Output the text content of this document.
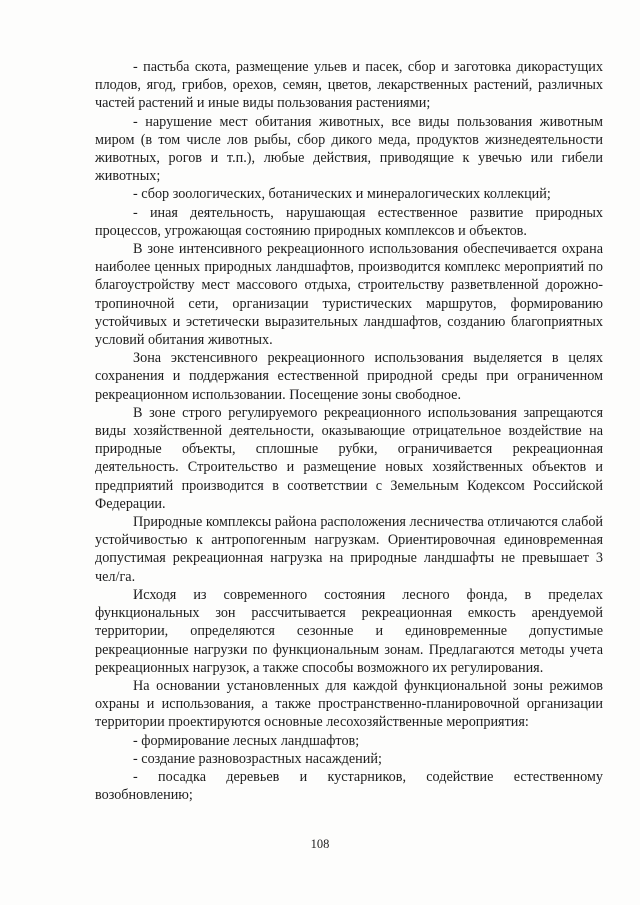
- пастьба скота, размещение ульев и пасек, сбор и заготовка дикорастущих плодов, ягод, грибов, орехов, семян, цветов, лекарственных растений, различных частей растений и иные виды пользования растениями;

- нарушение мест обитания животных, все виды пользования животным миром (в том числе лов рыбы, сбор дикого меда, продуктов жизнедеятельности животных, рогов и т.п.), любые действия, приводящие к увечью или гибели животных;

- сбор зоологических, ботанических и минералогических коллекций;

- иная деятельность, нарушающая естественное развитие природных процессов, угрожающая состоянию природных комплексов и объектов.

В зоне интенсивного рекреационного использования обеспечивается охрана наиболее ценных природных ландшафтов, производится комплекс мероприятий по благоустройству мест массового отдыха, строительству разветвленной дорожно-тропиночной сети, организации туристических маршрутов, формированию устойчивых и эстетически выразительных ландшафтов, созданию благоприятных условий обитания животных.

Зона экстенсивного рекреационного использования выделяется в целях сохранения и поддержания естественной природной среды при ограниченном рекреационном использовании. Посещение зоны свободное.

В зоне строго регулируемого рекреационного использования запрещаются виды хозяйственной деятельности, оказывающие отрицательное воздействие на природные объекты, сплошные рубки, ограничивается рекреационная деятельность. Строительство и размещение новых хозяйственных объектов и предприятий производится в соответствии с Земельным Кодексом Российской Федерации.

Природные комплексы района расположения лесничества отличаются слабой устойчивостью к антропогенным нагрузкам. Ориентировочная единовременная допустимая рекреационная нагрузка на природные ландшафты не превышает 3 чел/га.

Исходя из современного состояния лесного фонда, в пределах функциональных зон рассчитывается рекреационная емкость арендуемой территории, определяются сезонные и единовременные допустимые рекреационные нагрузки по функциональным зонам. Предлагаются методы учета рекреационных нагрузок, а также способы возможного их регулирования.

На основании установленных для каждой функциональной зоны режимов охраны и использования, а также пространственно-планировочной организации территории проектируются основные лесохозяйственные мероприятия:

- формирование лесных ландшафтов;

- создание разновозрастных насаждений;

- посадка деревьев и кустарников, содействие естественному возобновлению;

108
